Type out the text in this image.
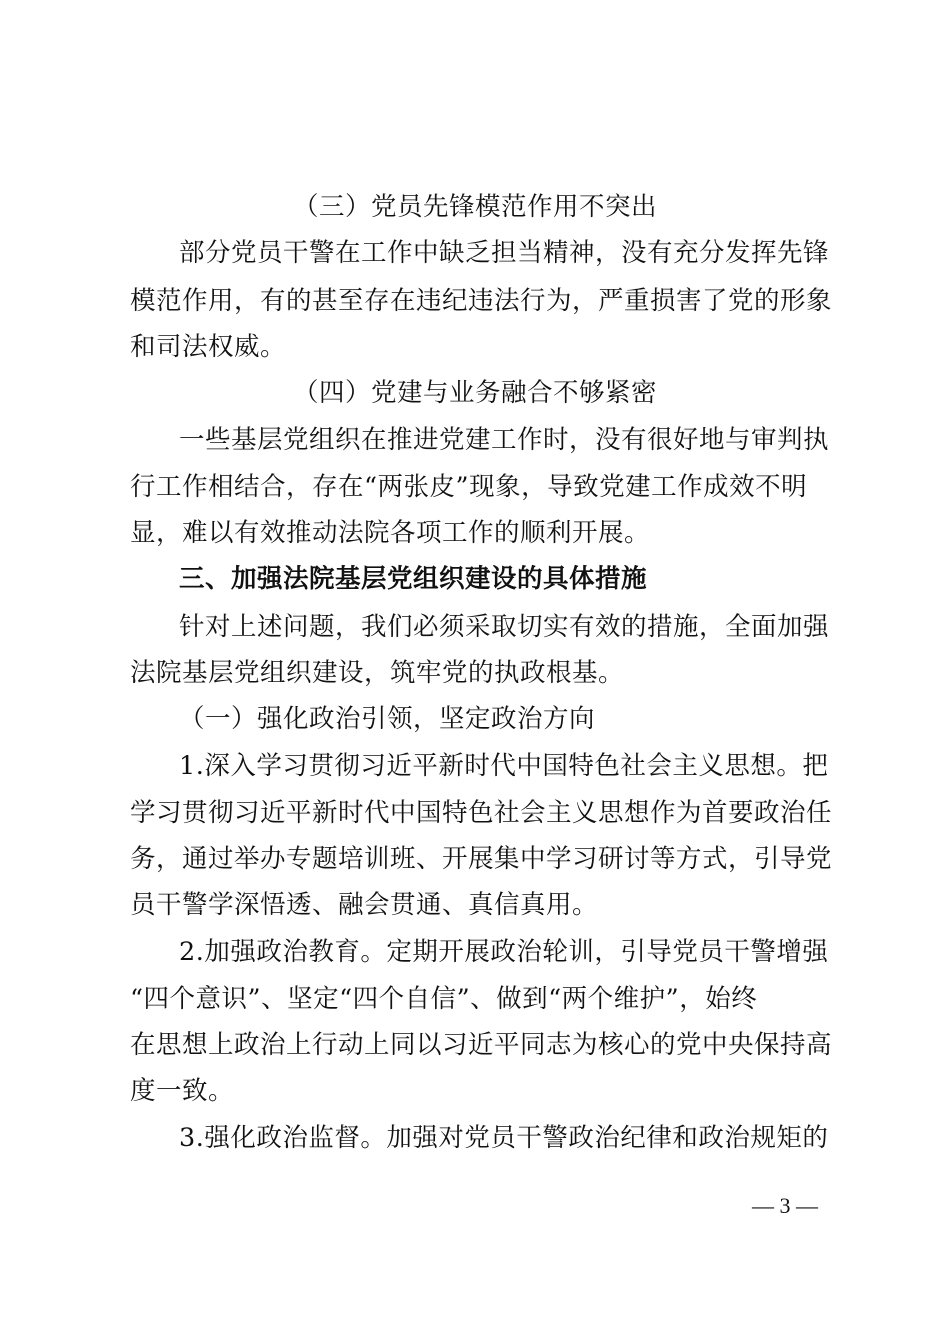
（三）党员先锋模范作用不突出
部分党员干警在工作中缺乏担当精神，没有充分发挥先锋
模范作用，有的甚至存在违纪违法行为，严重损害了党的形象
和司法权威。
（四）党建与业务融合不够紧密
一些基层党组织在推进党建工作时，没有很好地与审判执
行工作相结合，存在“两张皮”现象，导致党建工作成效不明
显，难以有效推动法院各项工作的顺利开展。
三、加强法院基层党组织建设的具体措施
针对上述问题，我们必须采取切实有效的措施，全面加强
法院基层党组织建设，筑牢党的执政根基。
（一）强化政治引领，坚定政治方向
1.深入学习贯彻习近平新时代中国特色社会主义思想。把
学习贯彻习近平新时代中国特色社会主义思想作为首要政治任
务，通过举办专题培训班、开展集中学习研讨等方式，引导党
员干警学深悟透、融会贯通、真信真用。
2.加强政治教育。定期开展政治轮训，引导党员干警增强
“四个意识”、坚定“四个自信”、做到“两个维护”，始终
在思想上政治上行动上同以习近平同志为核心的党中央保持高
度一致。
3.强化政治监督。加强对党员干警政治纪律和政治规矩的
— 3 —
